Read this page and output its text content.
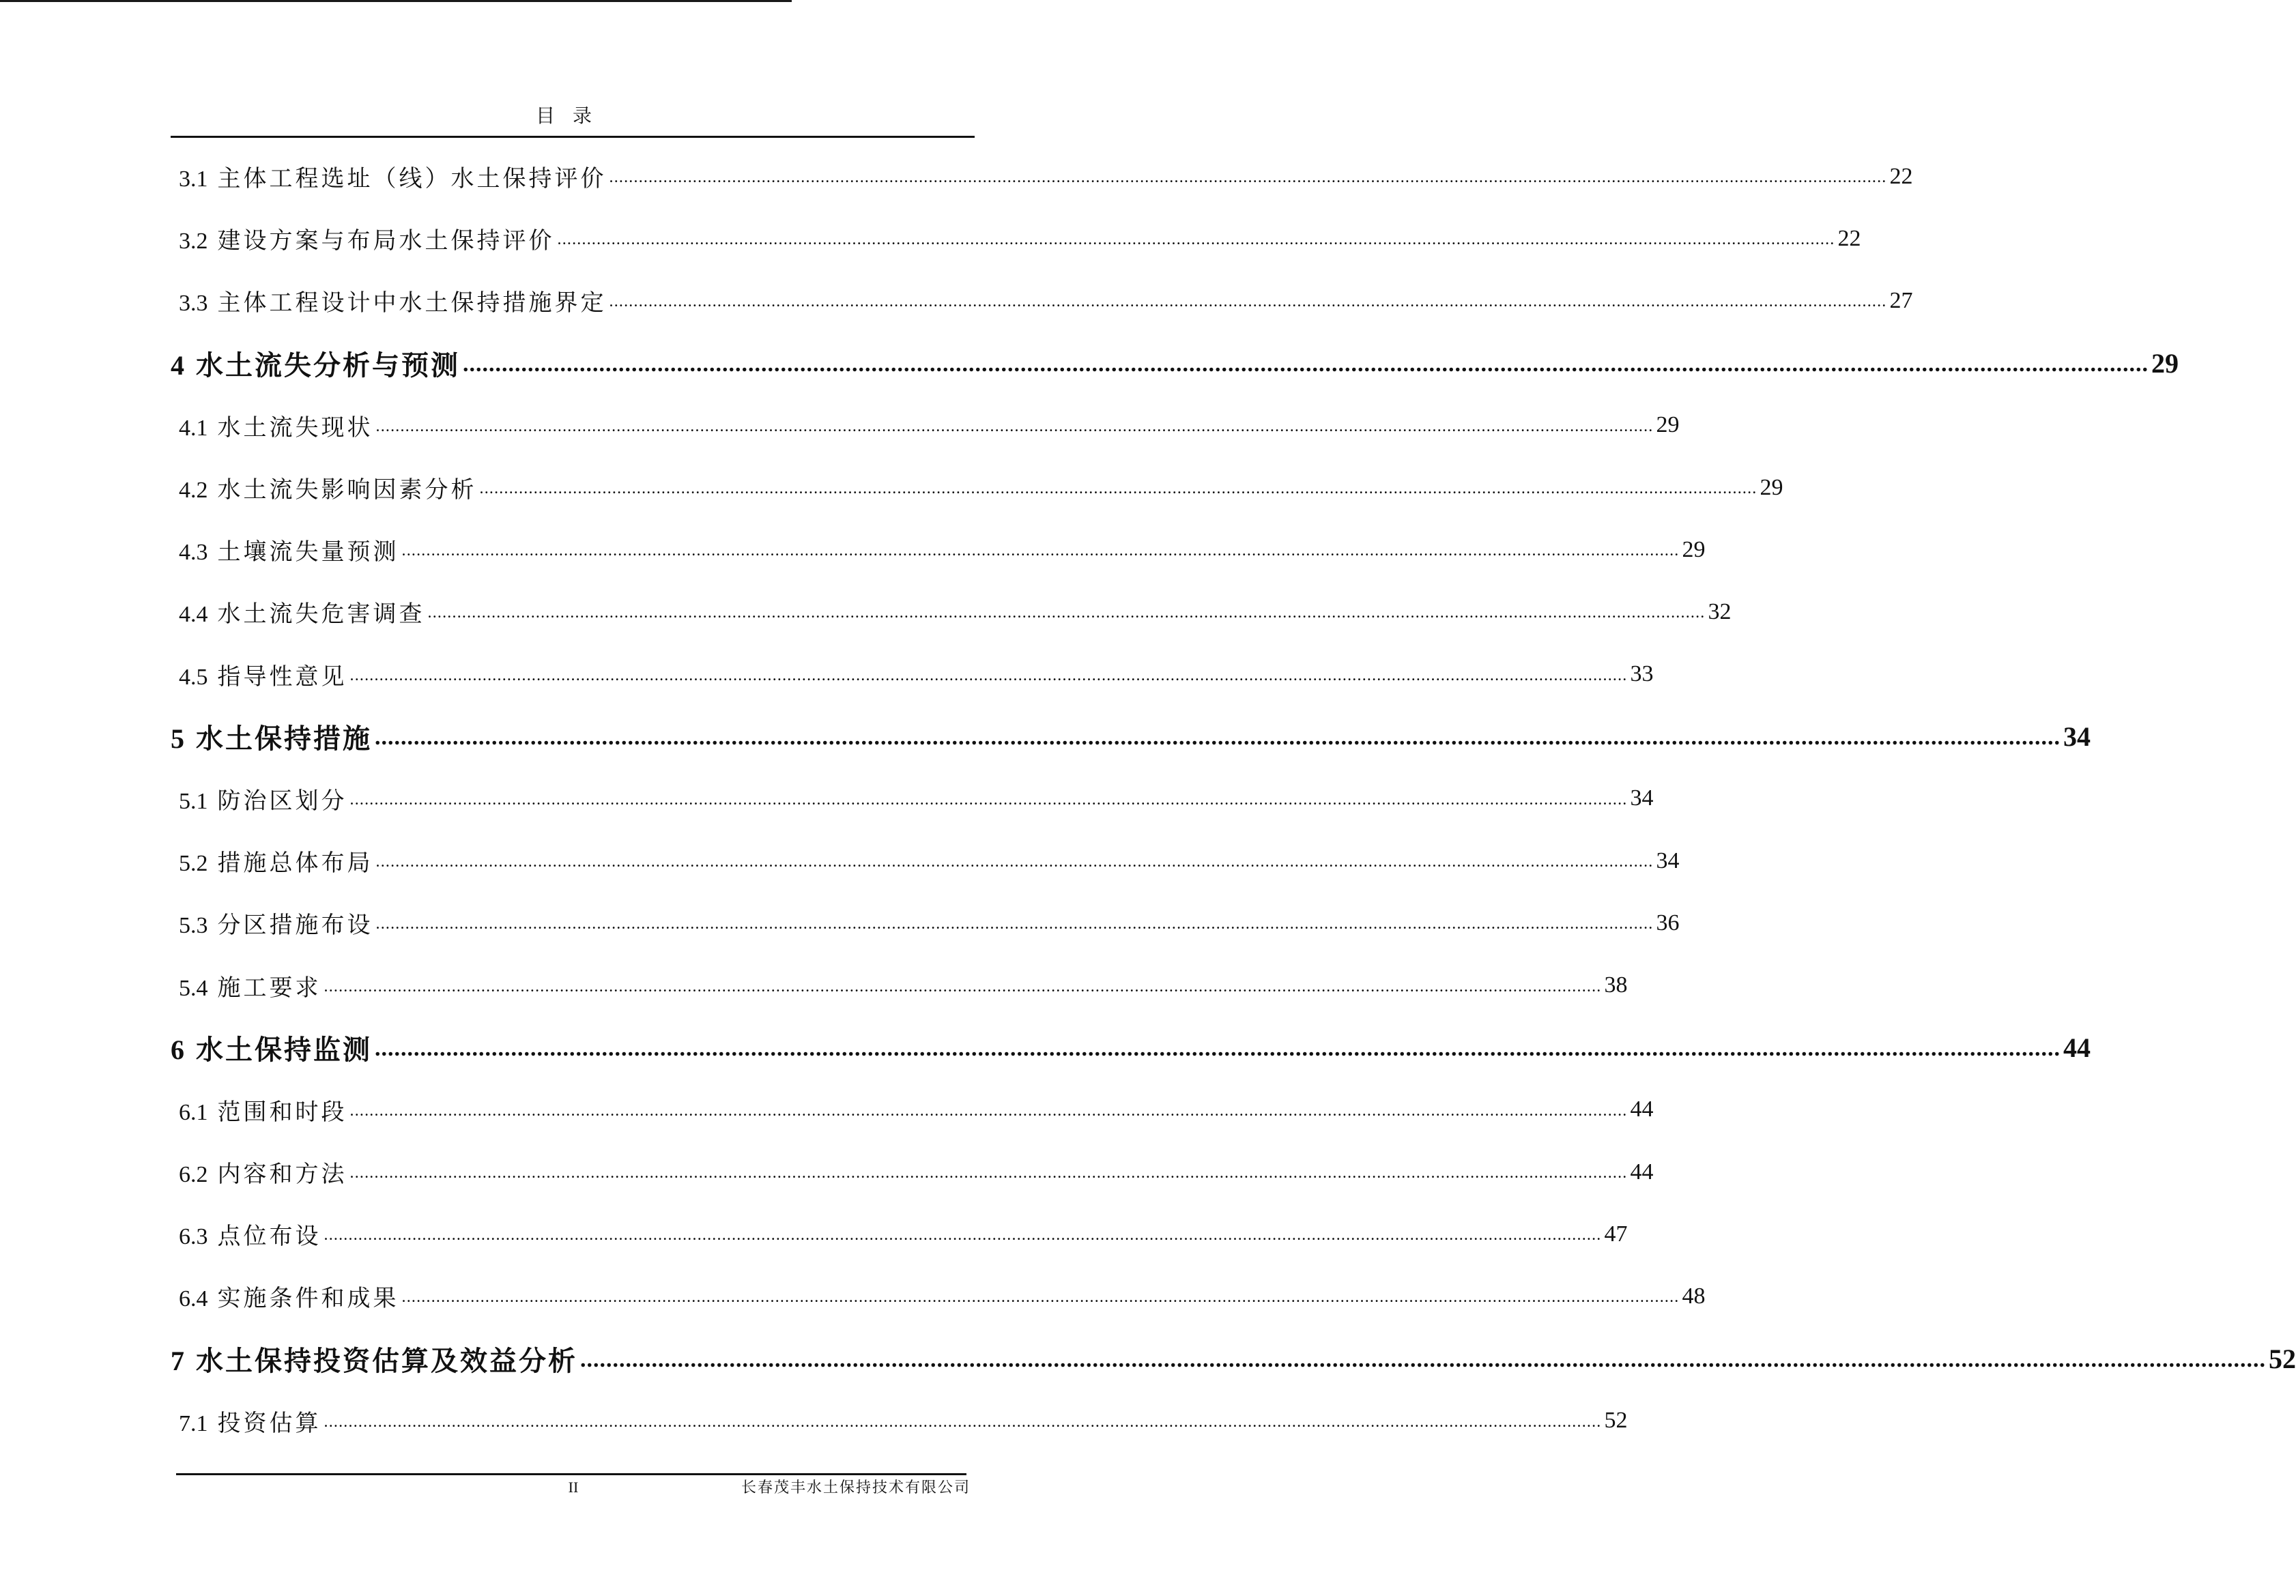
目录
3.1 主体工程选址（线）水土保持评价 .................................................................................................................................................................................................................................................................... 22
3.2 建设方案与布局水土保持评价 .................................................................................................................................................................................................................................................................... 22
3.3 主体工程设计中水土保持措施界定 .................................................................................................................................................................................................................................................................... 27
4 水土流失分析与预测 .................................................................................................................................................................................................................................................................... 29
4.1 水土流失现状 .................................................................................................................................................................................................................................................................... 29
4.2 水土流失影响因素分析 .................................................................................................................................................................................................................................................................... 29
4.3 土壤流失量预测 .................................................................................................................................................................................................................................................................... 29
4.4 水土流失危害调查 .................................................................................................................................................................................................................................................................... 32
4.5 指导性意见 .................................................................................................................................................................................................................................................................... 33
5 水土保持措施 .................................................................................................................................................................................................................................................................... 34
5.1 防治区划分 .................................................................................................................................................................................................................................................................... 34
5.2 措施总体布局 .................................................................................................................................................................................................................................................................... 34
5.3 分区措施布设 .................................................................................................................................................................................................................................................................... 36
5.4 施工要求 .................................................................................................................................................................................................................................................................... 38
6 水土保持监测 .................................................................................................................................................................................................................................................................... 44
6.1 范围和时段 .................................................................................................................................................................................................................................................................... 44
6.2 内容和方法 .................................................................................................................................................................................................................................................................... 44
6.3 点位布设 .................................................................................................................................................................................................................................................................... 47
6.4 实施条件和成果 .................................................................................................................................................................................................................................................................... 48
7 水土保持投资估算及效益分析 .................................................................................................................................................................................................................................................................... 52
7.1 投资估算 .................................................................................................................................................................................................................................................................... 52
II	长春茂丰水土保持技术有限公司
